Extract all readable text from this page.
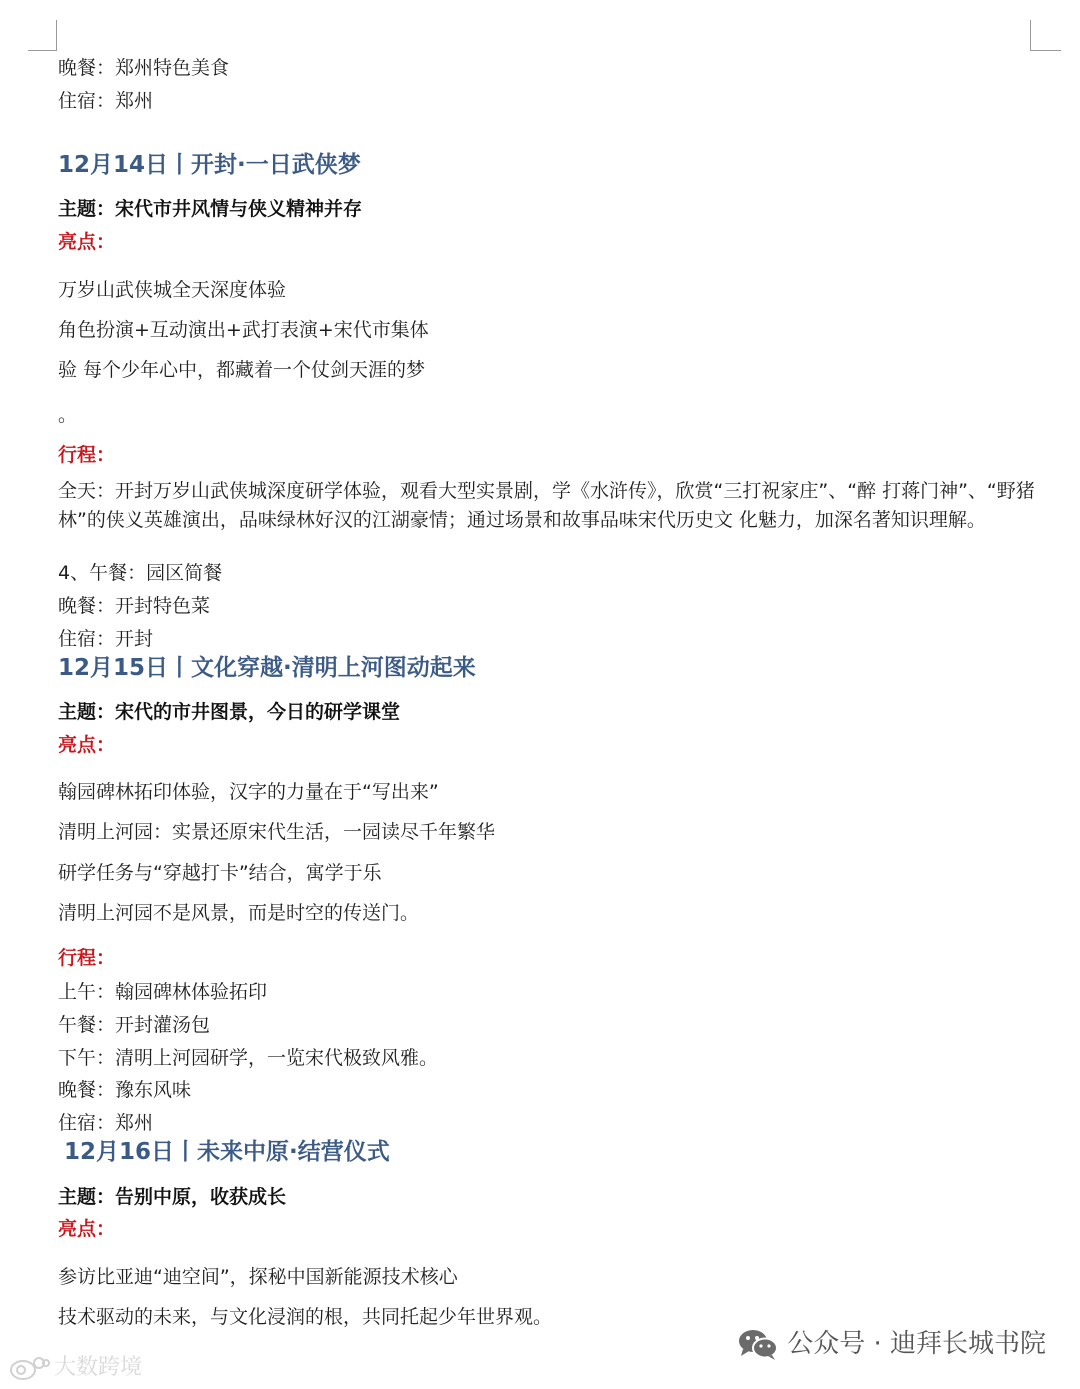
晚餐：郑州特色美食
住宿：郑州
12月14日丨开封·一日武侠梦
主题：宋代市井风情与侠义精神并存
亮点：
万岁山武侠城全天深度体验
角色扮演+互动演出+武打表演+宋代市集体
验 每个少年心中，都藏着一个仗剑天涯的梦
。
行程：
全天：开封万岁山武侠城深度研学体验，观看大型实景剧，学《水浒传》，欣赏“三打祝家庄”、“醉 打蒋门神”、“野猪林”的侠义英雄演出，品味绿林好汉的江湖豪情；通过场景和故事品味宋代历史文 化魅力，加深名著知识理解。
4、午餐：园区简餐
晚餐：开封特色菜
住宿：开封
12月15日丨文化穿越·清明上河图动起来
主题：宋代的市井图景，今日的研学课堂
亮点：
翰园碑林拓印体验，汉字的力量在于“写出来”
清明上河园：实景还原宋代生活，一园读尽千年繁华
研学任务与“穿越打卡”结合，寓学于乐
清明上河园不是风景，而是时空的传送门。
行程：
上午：翰园碑林体验拓印
午餐：开封灌汤包
下午：清明上河园研学，一览宋代极致风雅。
晚餐：豫东风味
住宿：郑州
12月16日丨未来中原·结营仪式
主题：告别中原，收获成长
亮点：
参访比亚迪“迪空间”，探秘中国新能源技术核心
技术驱动的未来，与文化浸润的根，共同托起少年世界观。
大数跨境
公众号 · 迪拜长城书院
